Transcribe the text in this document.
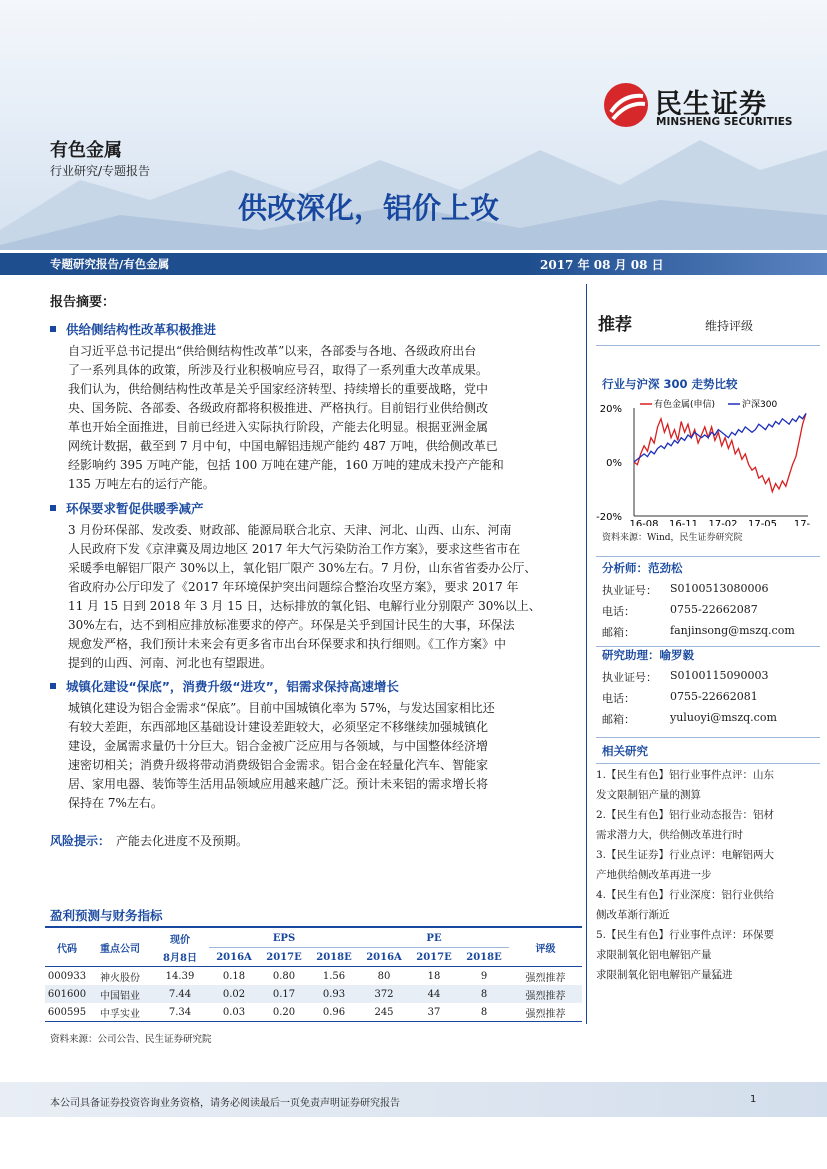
民生证券
MINSHENG SECURITIES
有色金属
行业研究/专题报告
供改深化，铝价上攻
专题研究报告/有色金属	2017 年 08 月 08 日
报告摘要：
供给侧结构性改革积极推进
自习近平总书记提出“供给侧结构性改革”以来，各部委与各地、各级政府出台
了一系列具体的政策，所涉及行业积极响应号召，取得了一系列重大改革成果。
我们认为，供给侧结构性改革是关乎国家经济转型、持续增长的重要战略，党中
央、国务院、各部委、各级政府都将积极推进、严格执行。目前铝行业供给侧改
革也开始全面推进，目前已经进入实际执行阶段，产能去化明显。根据亚洲金属
网统计数据，截至到 7 月中旬，中国电解铝违规产能约 487 万吨，供给侧改革已
经影响约 395 万吨产能，包括 100 万吨在建产能，160 万吨的建成未投产产能和
135 万吨左右的运行产能。
环保要求暂促供暖季减产
3 月份环保部、发改委、财政部、能源局联合北京、天津、河北、山西、山东、河南
人民政府下发《京津冀及周边地区 2017 年大气污染防治工作方案》，要求这些省市在
采暖季电解铝厂限产 30%以上，氧化铝厂限产 30%左右。7 月份，山东省省委办公厅、
省政府办公厅印发了《2017 年环境保护突出问题综合整治攻坚方案》，要求 2017 年
11 月 15 日到 2018 年 3 月 15 日，达标排放的氧化铝、电解行业分别限产 30%以上、
30%左右，达不到相应排放标准要求的停产。环保是关乎到国计民生的大事，环保法
规愈发严格，我们预计未来会有更多省市出台环保要求和执行细则。《工作方案》中
提到的山西、河南、河北也有望跟进。
城镇化建设“保底”，消费升级“进攻”，铝需求保持高速增长
城镇化建设为铝合金需求“保底”。目前中国城镇化率为 57%，与发达国家相比还
有较大差距，东西部地区基础设计建设差距较大，必须坚定不移继续加强城镇化
建设，金属需求量仍十分巨大。铝合金被广泛应用与各领域，与中国整体经济增
速密切相关；消费升级将带动消费级铝合金需求。铝合金在轻量化汽车、智能家
居、家用电器、装饰等生活用品领域应用越来越广泛。预计未来铝的需求增长将
保持在 7%左右。
风险提示： 产能去化进度不及预期。
盈利预测与财务指标
代码	重点公司	现价	EPS			PE			评级
		8月8日	2016A	2017E	2018E	2016A	2017E	2018E	
000933	神火股份	14.39	0.18	0.80	1.56	80	18	9	强烈推荐
601600	中国铝业	7.44	0.02	0.17	0.93	372	44	8	强烈推荐
600595	中孚实业	7.34	0.03	0.20	0.96	245	37	8	强烈推荐
资料来源：公司公告、民生证券研究院
推荐	维持评级
行业与沪深 300 走势比较
20%
0%
-20%
16-08 16-11 17-02 17-05 17-
有色金属(申信)	沪深300
资料来源：Wind，民生证券研究院
分析师：范劲松
执业证号：	S0100513080006
电话：	0755-22662087
邮箱：	fanjinsong@mszq.com
研究助理：喻罗毅
执业证号：	S0100115090003
电话：	0755-22662081
邮箱：	yuluoyi@mszq.com
相关研究
1.【民生有色】铝行业事件点评：山东
发文限制铝产量的测算
2.【民生有色】铝行业动态报告：铝材
需求潜力大，供给侧改革进行时
3.【民生证券】行业点评：电解铝两大
产地供给侧改革再进一步
4.【民生有色】行业深度：铝行业供给
侧改革渐行渐近
5.【民生有色】行业事件点评：环保要
求限制氧化铝电解铝产量
求限制氧化铝电解铝产量猛进
本公司具备证券投资咨询业务资格，请务必阅读最后一页免责声明证券研究报告	1
